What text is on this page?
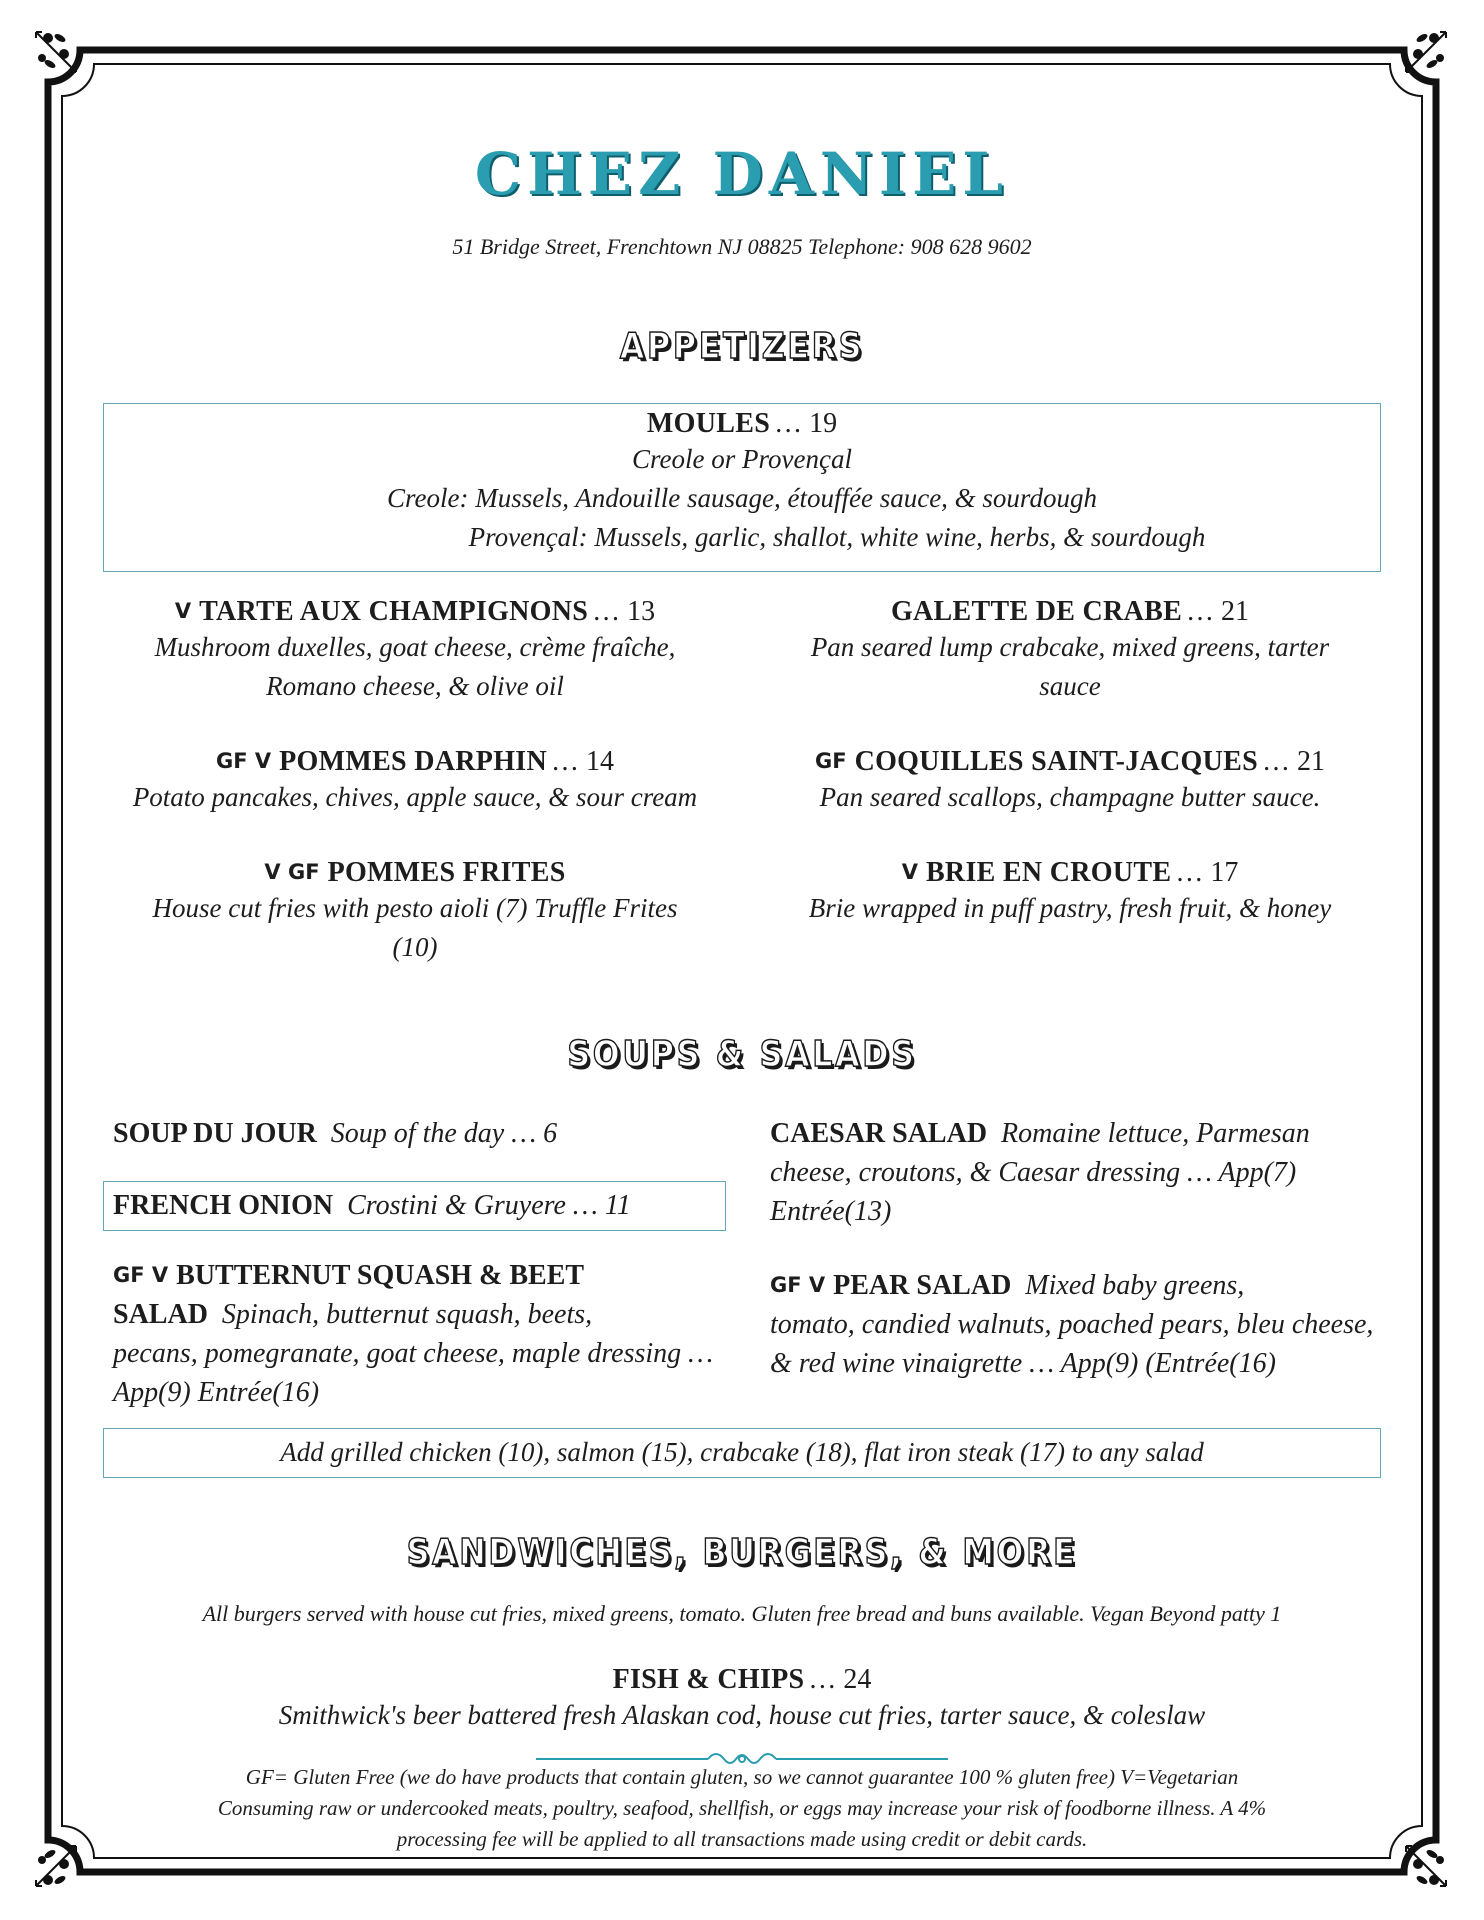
CHEZ DANIEL
51 Bridge Street, Frenchtown NJ 08825 Telephone: 908 628 9602
APPETIZERS
MOULES … 19
Creole or Provençal
Creole: Mussels, Andouille sausage, étouffée sauce, & sourdough
Provençal: Mussels, garlic, shallot, white wine, herbs, & sourdough
V TARTE AUX CHAMPIGNONS … 13
Mushroom duxelles, goat cheese, crème fraîche,
Romano cheese, & olive oil
GF V POMMES DARPHIN … 14
Potato pancakes, chives, apple sauce, & sour cream
V GF POMMES FRITES
House cut fries with pesto aioli (7) Truffle Frites
(10)
GALETTE DE CRABE … 21
Pan seared lump crabcake, mixed greens, tarter
sauce
GF COQUILLES SAINT-JACQUES … 21
Pan seared scallops, champagne butter sauce.
V BRIE EN CROUTE … 17
Brie wrapped in puff pastry, fresh fruit, & honey
SOUPS & SALADS
SOUP DU JOUR Soup of the day … 6
FRENCH ONION Crostini & Gruyere … 11
GF V BUTTERNUT SQUASH & BEET
SALAD Spinach, butternut squash, beets,
pecans, pomegranate, goat cheese, maple dressing …
App(9) Entrée(16)
CAESAR SALAD Romaine lettuce, Parmesan
cheese, croutons, & Caesar dressing … App(7)
Entrée(13)
GF V PEAR SALAD Mixed baby greens,
tomato, candied walnuts, poached pears, bleu cheese,
& red wine vinaigrette … App(9) (Entrée(16)
Add grilled chicken (10), salmon (15), crabcake (18), flat iron steak (17) to any salad
SANDWICHES, BURGERS, & MORE
All burgers served with house cut fries, mixed greens, tomato. Gluten free bread and buns available. Vegan Beyond patty 1
FISH & CHIPS … 24
Smithwick's beer battered fresh Alaskan cod, house cut fries, tarter sauce, & coleslaw
GF= Gluten Free (we do have products that contain gluten, so we cannot guarantee 100 % gluten free) V=Vegetarian
Consuming raw or undercooked meats, poultry, seafood, shellfish, or eggs may increase your risk of foodborne illness. A 4%
processing fee will be applied to all transactions made using credit or debit cards.
